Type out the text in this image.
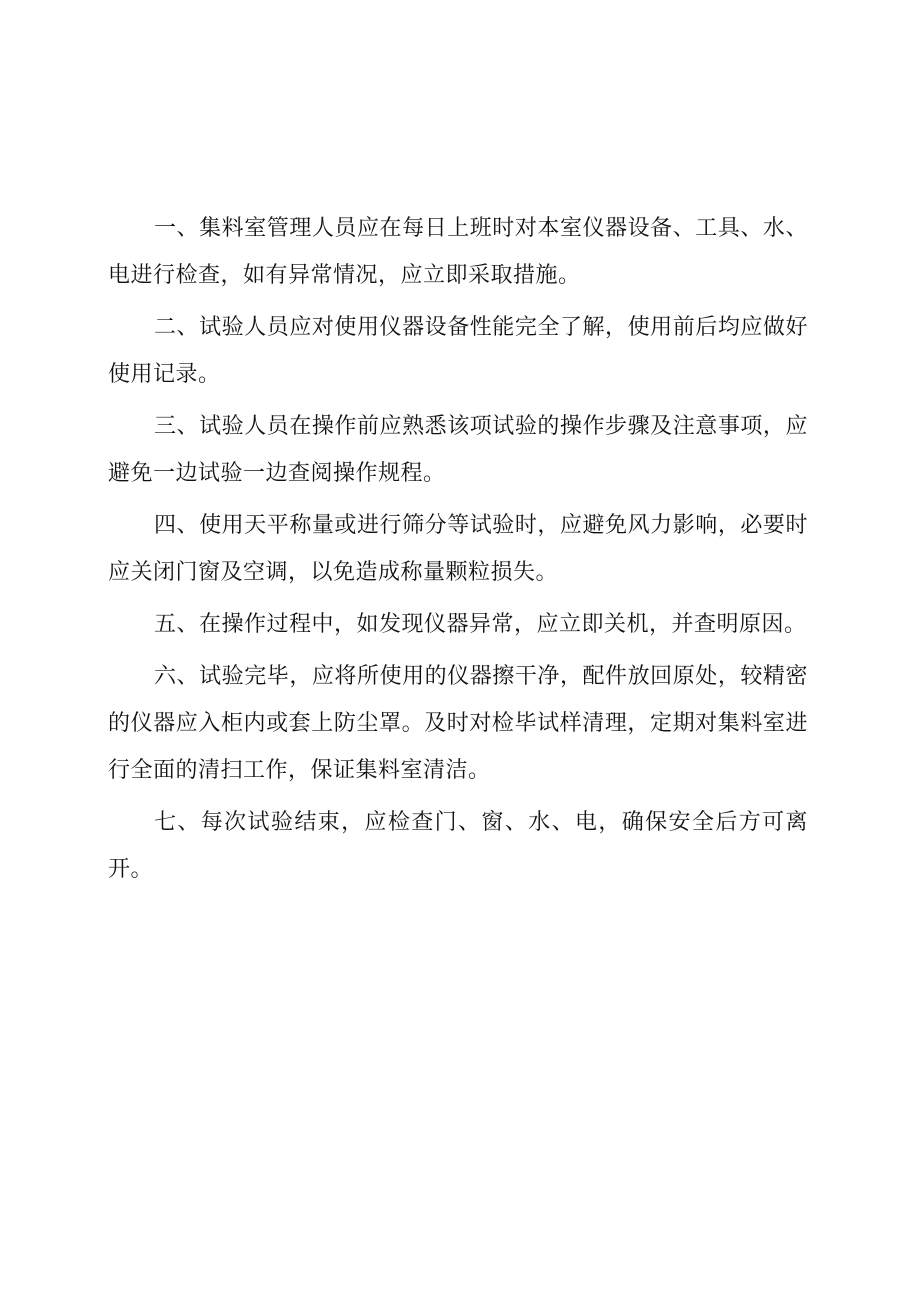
一、集料室管理人员应在每日上班时对本室仪器设备、工具、水、电进行检查，如有异常情况，应立即采取措施。

二、试验人员应对使用仪器设备性能完全了解，使用前后均应做好使用记录。

三、试验人员在操作前应熟悉该项试验的操作步骤及注意事项，应避免一边试验一边查阅操作规程。

四、使用天平称量或进行筛分等试验时，应避免风力影响，必要时应关闭门窗及空调，以免造成称量颗粒损失。

五、在操作过程中，如发现仪器异常，应立即关机，并查明原因。

六、试验完毕，应将所使用的仪器擦干净，配件放回原处，较精密的仪器应入柜内或套上防尘罩。及时对检毕试样清理，定期对集料室进行全面的清扫工作，保证集料室清洁。

七、每次试验结束，应检查门、窗、水、电，确保安全后方可离开。
